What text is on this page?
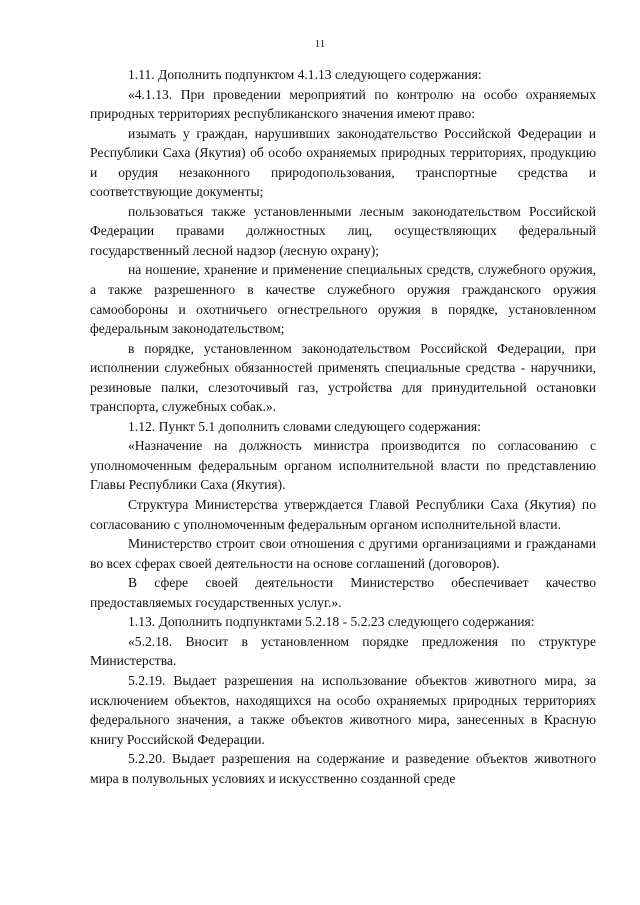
11

1.11. Дополнить подпунктом 4.1.13 следующего содержания:

«4.1.13. При проведении мероприятий по контролю на особо охраняемых природных территориях республиканского значения имеют право:

изымать у граждан, нарушивших законодательство Российской Федерации и Республики Саха (Якутия) об особо охраняемых природных территориях, продукцию и орудия незаконного природопользования, транспортные средства и соответствующие документы;

пользоваться также установленными лесным законодательством Российской Федерации правами должностных лиц, осуществляющих федеральный государственный лесной надзор (лесную охрану);

на ношение, хранение и применение специальных средств, служебного оружия, а также разрешенного в качестве служебного оружия гражданского оружия самообороны и охотничьего огнестрельного оружия в порядке, установленном федеральным законодательством;

в порядке, установленном законодательством Российской Федерации, при исполнении служебных обязанностей применять специальные средства - наручники, резиновые палки, слезоточивый газ, устройства для принудительной остановки транспорта, служебных собак.».

1.12. Пункт 5.1 дополнить словами следующего содержания:

«Назначение на должность министра производится по согласованию с уполномоченным федеральным органом исполнительной власти по представлению Главы Республики Саха (Якутия).

Структура Министерства утверждается Главой Республики Саха (Якутия) по согласованию с уполномоченным федеральным органом исполнительной власти.

Министерство строит свои отношения с другими организациями и гражданами во всех сферах своей деятельности на основе соглашений (договоров).

В сфере своей деятельности Министерство обеспечивает качество предоставляемых государственных услуг.».

1.13. Дополнить подпунктами 5.2.18 - 5.2.23 следующего содержания:

«5.2.18. Вносит в установленном порядке предложения по структуре Министерства.

5.2.19. Выдает разрешения на использование объектов животного мира, за исключением объектов, находящихся на особо охраняемых природных территориях федерального значения, а также объектов животного мира, занесенных в Красную книгу Российской Федерации.

5.2.20. Выдает разрешения на содержание и разведение объектов животного мира в полувольных условиях и искусственно созданной среде
